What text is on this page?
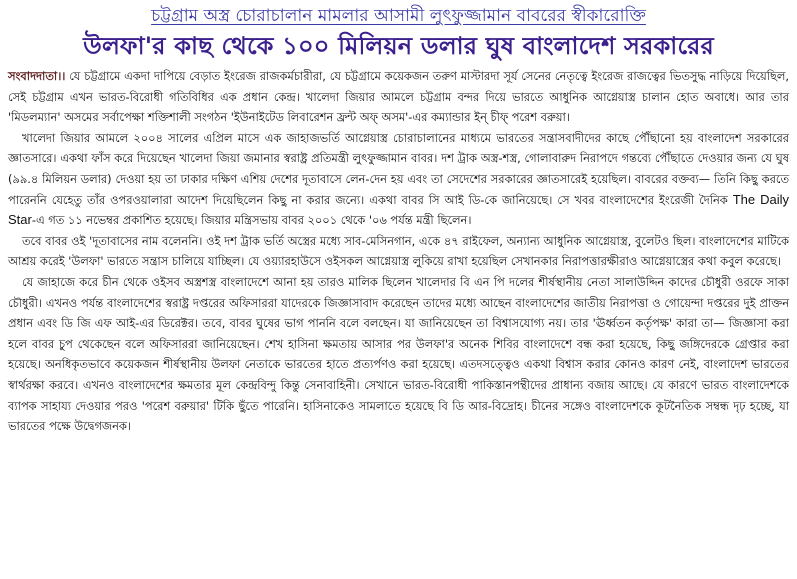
চট্টগ্রাম অস্ত্র চোরাচালান মামলার আসামী লুৎফুজ্জামান বাবরের স্বীকারোক্তি
উলফা'র কাছ থেকে ১০০ মিলিয়ন ডলার ঘুষ বাংলাদেশ সরকারের

সংবাদদাতা।। যে চট্টগ্রামে একদা দাপিয়ে বেড়াত ইংরেজ রাজকর্মচারীরা, যে চট্টগ্রামে কয়েকজন তরুণ মাস্টারদা সূর্য সেনের নেতৃত্বে ইংরেজ রাজত্বের ভিতসুদ্ধ নাড়িয়ে দিয়েছিল, সেই চট্টগ্রাম এখন ভারত-বিরোধী গতিবিধির এক প্রধান কেন্দ্র। খালেদা জিয়ার আমলে চট্টগ্রাম বন্দর দিয়ে ভারতে আধুনিক আগ্নেয়াস্ত্র চালান হোত অবাধে। আর তার 'মিডলম্যান' অসমের সর্বাপেক্ষা শক্তিশালী সংগঠন 'ইউনাইটেড লিবারেশন ফ্রন্ট অফ্ অসম'-এর কম্যান্ডার ইন্ চীফ্ পরেশ বরুয়া।

খালেদা জিয়ার আমলে ২০০৪ সালের এপ্রিল মাসে এক জাহাজভর্তি আগ্নেয়াস্ত্র চোরাচালানের মাধ্যমে ভারতের সন্ত্রাসবাদীদের কাছে পৌঁছানো হয় বাংলাদেশ সরকারের জ্ঞাতসারে। একথা ফাঁস করে দিয়েছেন খালেদা জিয়া জমানার স্বরাষ্ট্র প্রতিমন্ত্রী লুৎফুজ্জামান বাবর। দশ ট্রাক অস্ত্র-শস্ত্র, গোলাবারুদ নিরাপদে গন্তব্যে পৌঁছাতে দেওয়ার জন্য যে ঘুষ (৯৯.৪ মিলিয়ন ডলার) দেওয়া হয় তা ঢাকার দক্ষিণ এশিয় দেশের দূতাবাসে লেন-দেন হয় এবং তা সেদেশের সরকারের জ্ঞাতসারেই হয়েছিল। বাবরের বক্তব্য— তিনি কিছু করতে পারেননি যেহেতু তাঁর ওপরওয়ালারা আদেশ দিয়েছিলেন কিছু না করার জন্যে। একথা বাবর সি আই ডি-কে জানিয়েছে। সে খবর বাংলাদেশের ইংরেজী দৈনিক The Daily Star-এ গত ১১ নভেম্বর প্রকাশিত হয়েছে। জিয়ার মন্ত্রিসভায় বাবর ২০০১ থেকে '০৬ পর্যন্ত মন্ত্রী ছিলেন।

তবে বাবর ওই 'দূতাবাসের নাম বলেননি। ওই দশ ট্রাক ভর্তি অস্ত্রের মধ্যে সাব-মেসিনগান, একে ৪৭ রাইফেল, অন্যান্য আধুনিক আগ্নেয়াস্ত্র, বুলেটও ছিল। বাংলাদেশের মাটিকে আশ্রয় করেই 'উলফা' ভারতে সন্ত্রাস চালিয়ে যাচ্ছিল। যে ওয়্যারহাউসে ওইসকল আগ্নেয়াস্ত্র লুকিয়ে রাখা হয়েছিল সেখানকার নিরাপত্তারক্ষীরাও আগ্নেয়াস্ত্রের কথা কবুল করেছে।

যে জাহাজে করে চীন থেকে ওইসব অস্ত্রশস্ত্র বাংলাদেশে আনা হয় তারও মালিক ছিলেন খালেদার বি এন পি দলের শীর্ষস্থানীয় নেতা সালাউদ্দিন কাদের চৌধুরী ওরফে সাকা চৌধুরী। এখনও পর্যন্ত বাংলাদেশের স্বরাষ্ট্র দপ্তরের অফিসাররা যাদেরকে জিজ্ঞাসাবাদ করেছেন তাদের মধ্যে আছেন বাংলাদেশের জাতীয় নিরাপত্তা ও গোয়েন্দা দপ্তরের দুই প্রাক্তন প্রধান এবং ডি জি এফ আই-এর ডিরেক্টর। তবে, বাবর ঘুষের ভাগ পাননি বলে বলছেন। যা জানিয়েছেন তা বিশ্বাসযোগ্য নয়। তার 'ঊর্ধ্বতন কর্তৃপক্ষ' কারা তা— জিজ্ঞাসা করা হলে বাবর চুপ থেকেছেন বলে অফিসাররা জানিয়েছেন। শেখ হাসিনা ক্ষমতায় আসার পর উলফা'র অনেক শিবির বাংলাদেশে বন্ধ করা হয়েছে, কিছু জঙ্গিদেরকে গ্রেপ্তার করা হয়েছে। অনধিকৃতভাবে কয়েকজন শীর্ষস্থানীয় উলফা নেতাকে ভারতের হাতে প্রত্যর্পণও করা হয়েছে। এতদসত্ত্বেও একথা বিশ্বাস করার কোনও কারণ নেই, বাংলাদেশ ভারতের স্বার্থরক্ষা করবে। এখনও বাংলাদেশের ক্ষমতার মূল কেন্দ্রবিন্দু কিন্তু সেনাবাহিনী। সেখানে ভারত-বিরোধী পাকিস্তানপন্থীদের প্রাধান্য বজায় আছে। যে কারণে ভারত বাংলাদেশকে ব্যাপক সাহায্য দেওয়ার পরও 'পরেশ বরুয়ার' টিকি ছুঁতে পারেনি। হাসিনাকেও সামলাতে হয়েছে বি ডি আর-বিদ্রোহ। চীনের সঙ্গেও বাংলাদেশকে কূটনৈতিক সম্বন্ধ দৃঢ় হচ্ছে, যা ভারতের পক্ষে উদ্বেগজনক।
